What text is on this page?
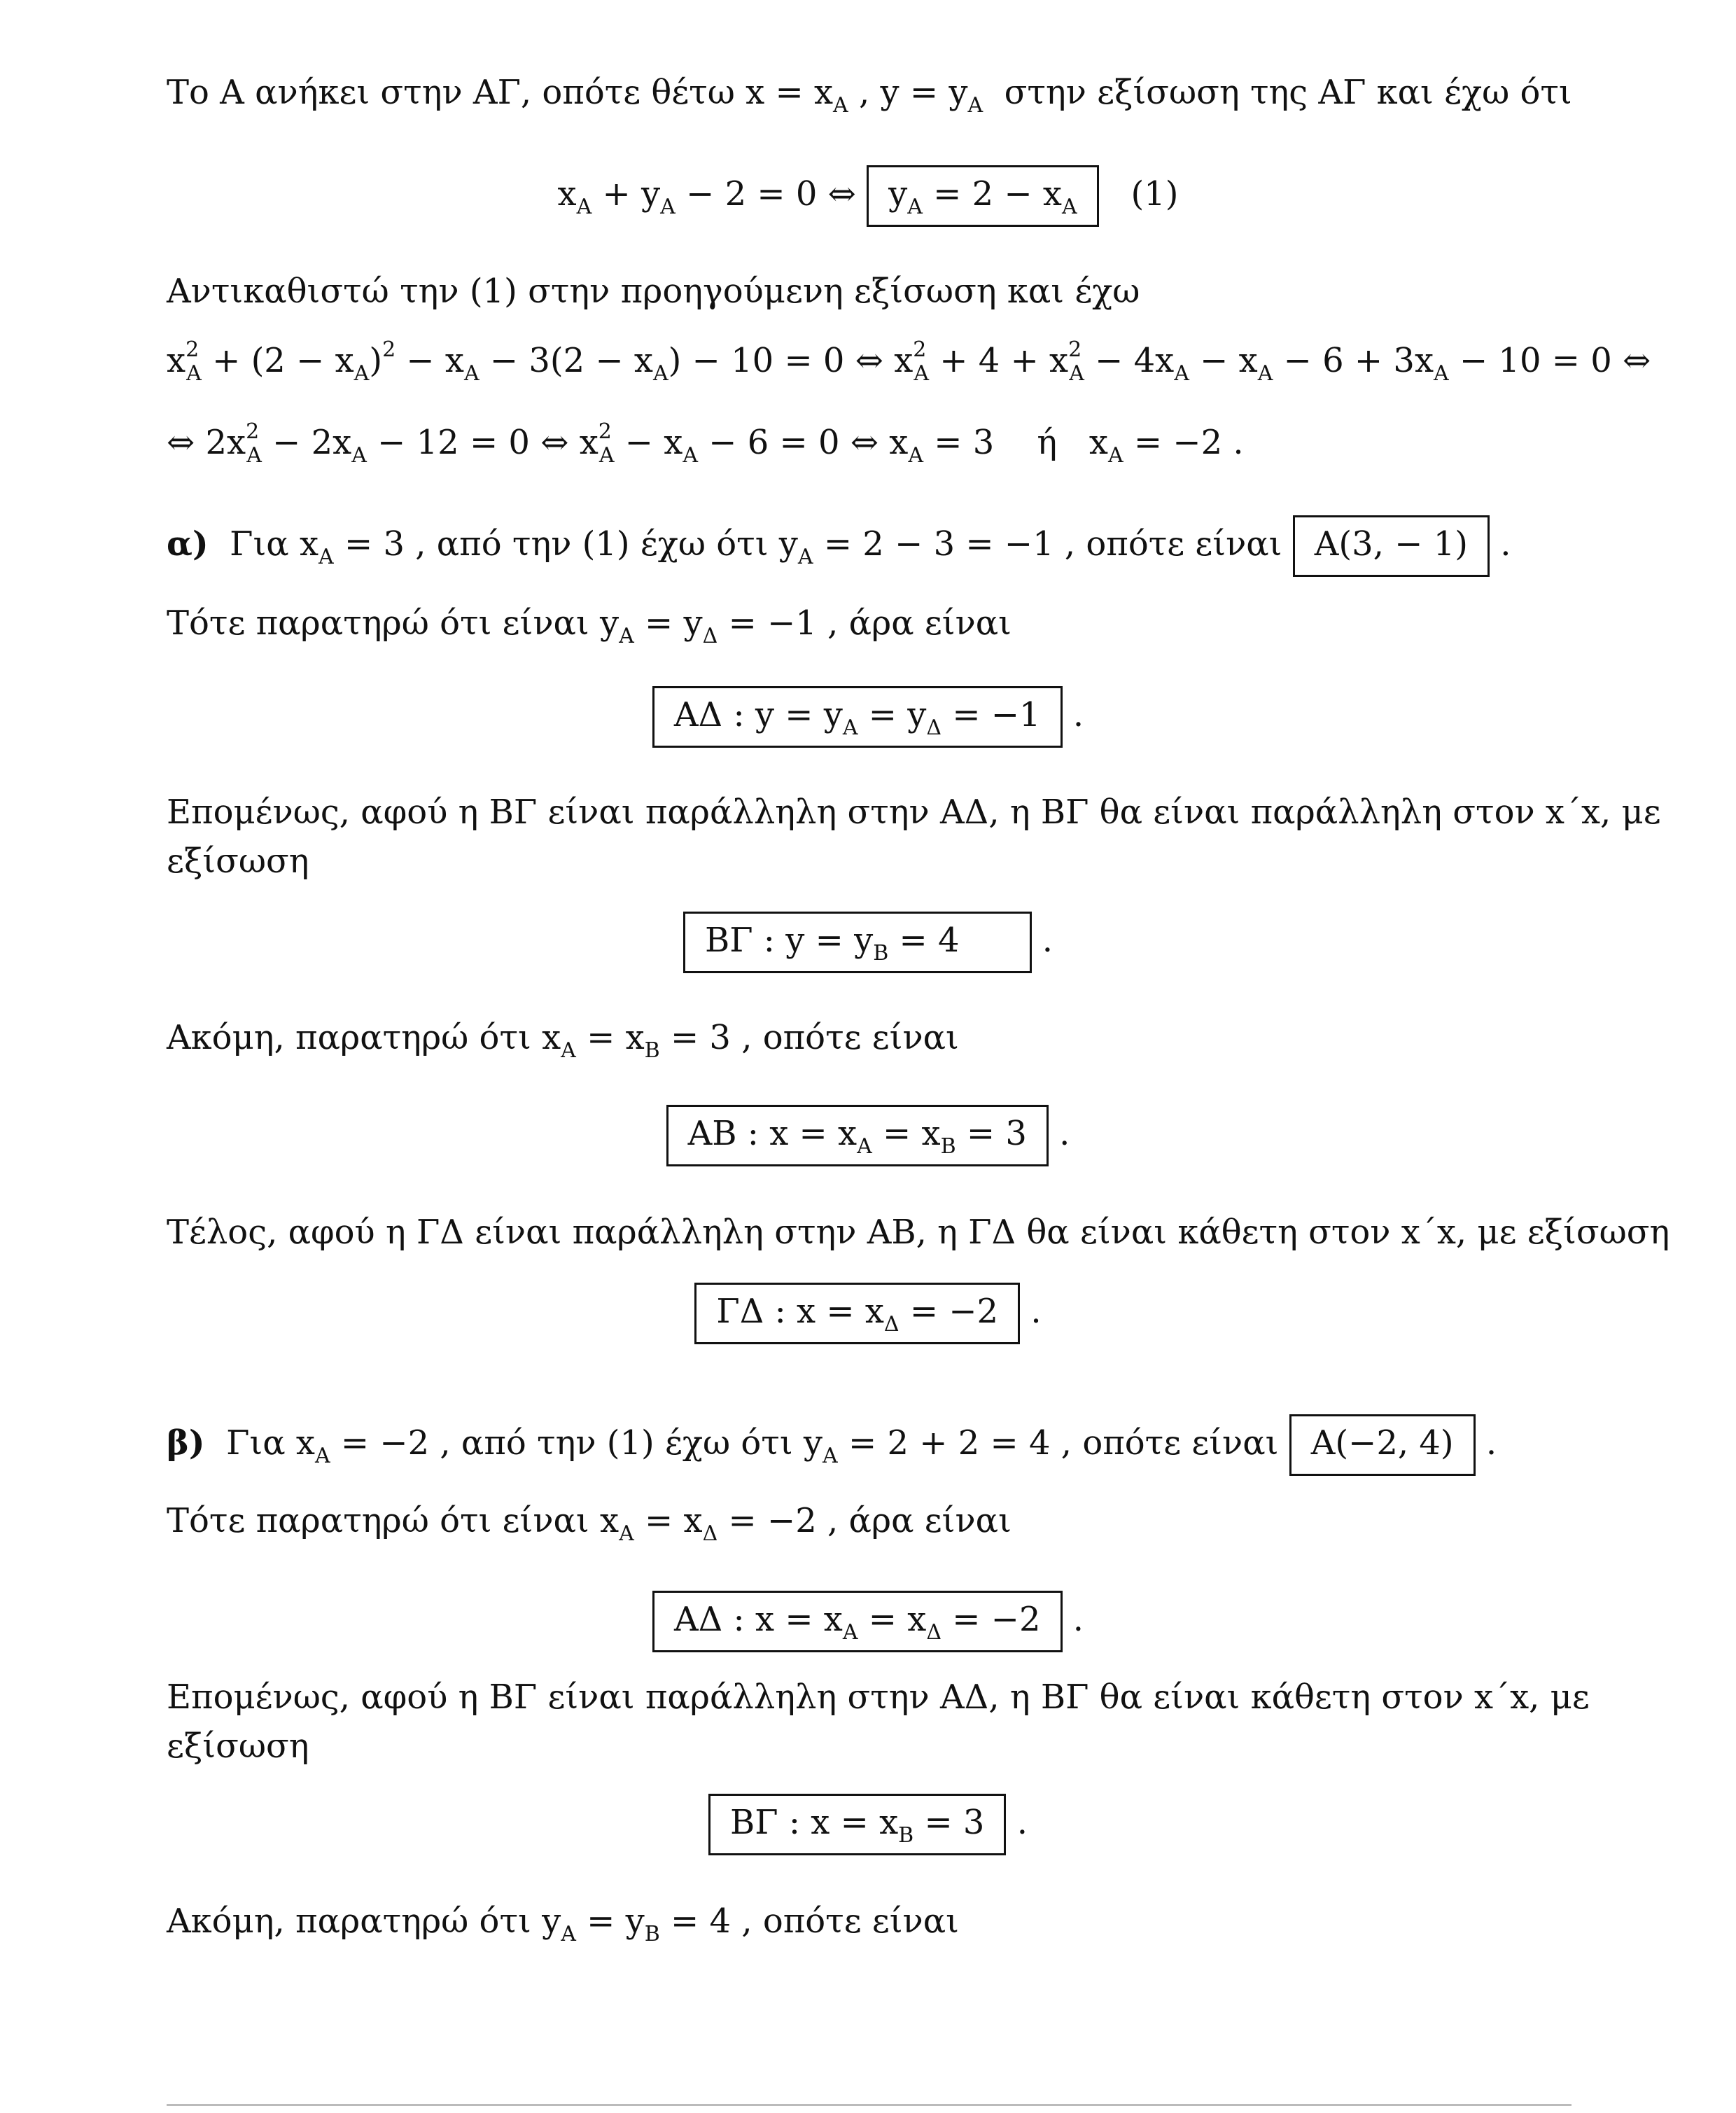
Το A ανήκει στην ΑΓ, οπότε θέτω $x = x_A$ , $y = y_A$  στην εξίσωση της ΑΓ και έχω ότι
$x_A + y_A - 2 = 0$ ⇔ $y_A = 2 - x_A$ (1)
Αντικαθιστώ την (1) στην προηγούμενη εξίσωση και έχω
$x^2_A + (2 - x_A)^2 - x_A - 3(2 - x_A) - 10 = 0$ ⇔ $x^2_A + 4 + x^2_A - 4x_A - x_A - 6 + 3x_A - 10 = 0$ ⇔
⇔ $2x^2_A - 2x_A - 12 = 0$ ⇔ $x^2_A - x_A - 6 = 0$ ⇔ $x_A = 3$    ή   $x_A = -2$ .
α)  Για $x_A = 3$ , από την (1) έχω ότι $y_A = 2 - 3 = -1$ , οπότε είναι A(3, − 1) .
Τότε παρατηρώ ότι είναι $y_A = y_\Delta = -1$ , άρα είναι
ΑΔ : $y = y_A = y_\Delta = -1$ .
Επομένως, αφού η ΒΓ είναι παράλληλη στην ΑΔ, η ΒΓ θα είναι παράλληλη στον x΄x, με
εξίσωση
ΒΓ : $y = y_B = 4$ .
Ακόμη, παρατηρώ ότι $x_A = x_B = 3$ , οπότε είναι
ΑΒ : $x = x_A = x_B = 3$ .
Τέλος, αφού η ΓΔ είναι παράλληλη στην ΑΒ, η ΓΔ θα είναι κάθετη στον x΄x, με εξίσωση
ΓΔ : $x = x_\Delta = -2$ .
β)  Για $x_A = -2$ , από την (1) έχω ότι $y_A = 2 + 2 = 4$ , οπότε είναι A(−2, 4) .
Τότε παρατηρώ ότι είναι $x_A = x_\Delta = -2$ , άρα είναι
ΑΔ : $x = x_A = x_\Delta = -2$ .
Επομένως, αφού η ΒΓ είναι παράλληλη στην ΑΔ, η ΒΓ θα είναι κάθετη στον x΄x, με
εξίσωση
ΒΓ : $x = x_B = 3$ .
Ακόμη, παρατηρώ ότι $y_A = y_B = 4$ , οπότε είναι
